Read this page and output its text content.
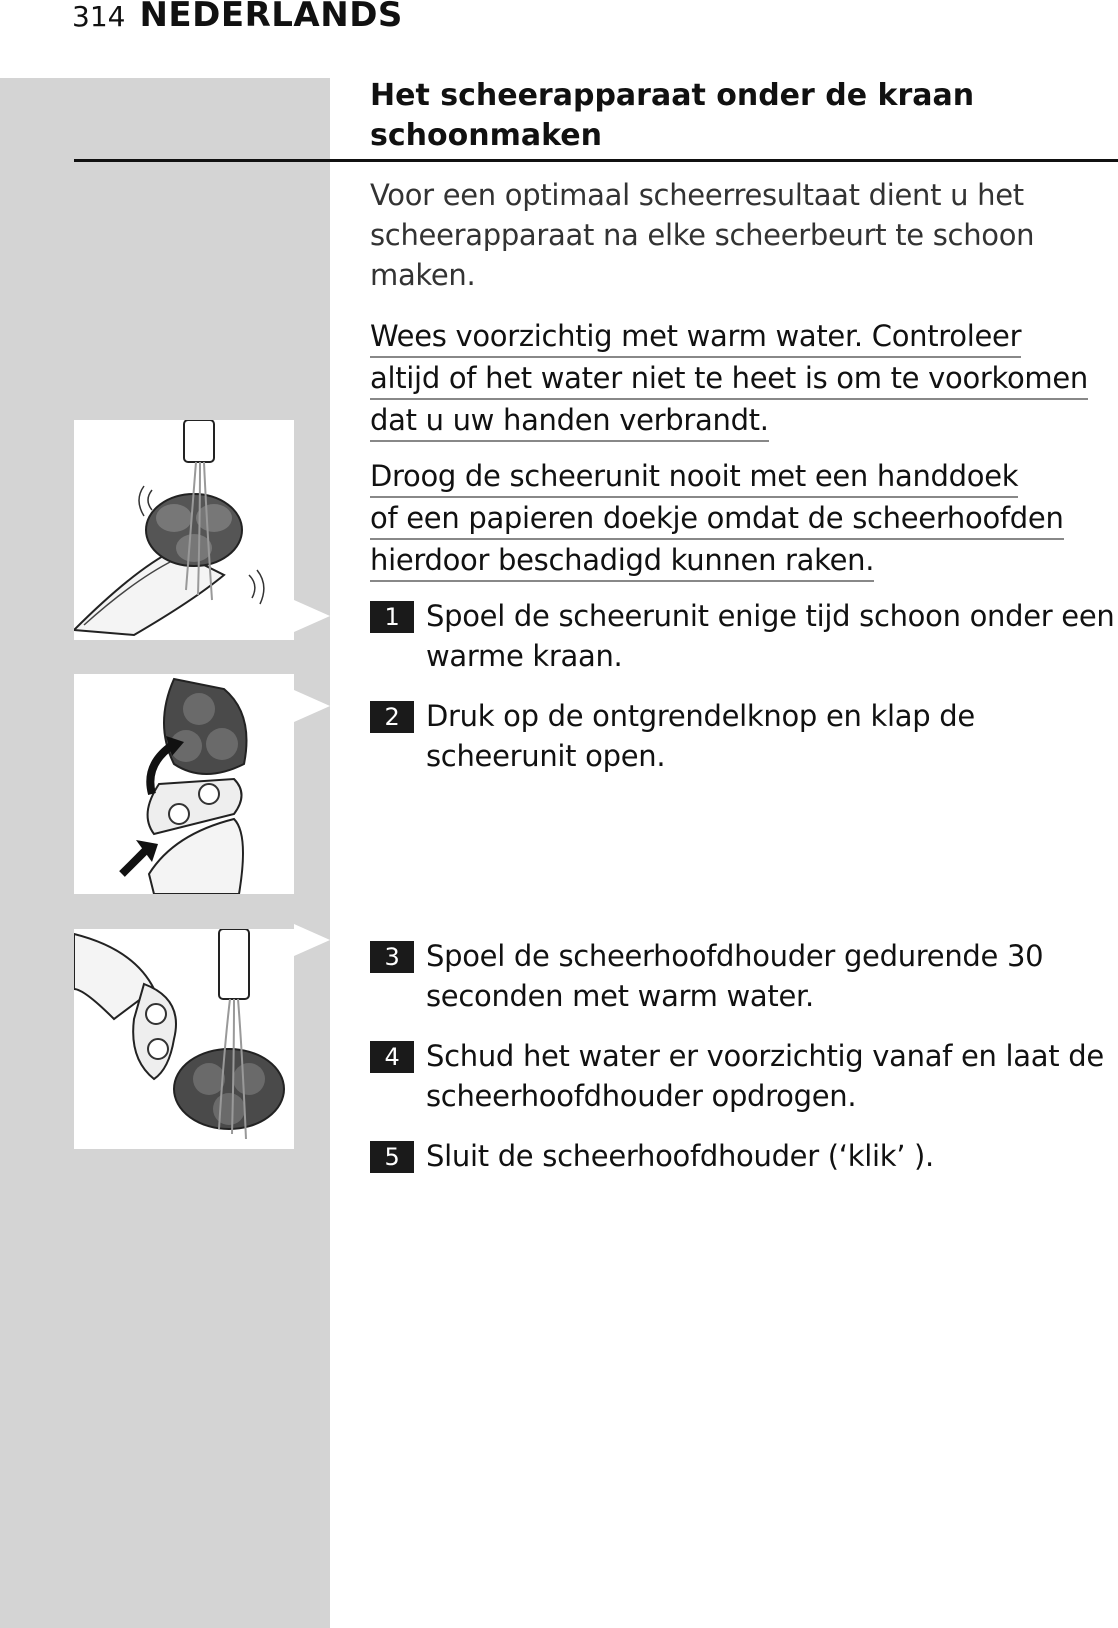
314 NEDERLANDS
Het scheerapparaat onder de kraan schoonmaken
Voor een optimaal scheerresultaat dient u het scheerapparaat na elke scheerbeurt te schoon maken.
Wees voorzichtig met warm water. Controleer
altijd of het water niet te heet is om te voorkomen
dat u uw handen verbrandt.
Droog de scheerunit nooit met een handdoek
of een papieren doekje omdat de scheerhoofden
hierdoor beschadigd kunnen raken.
1 Spoel de scheerunit enige tijd schoon onder een warme kraan.
2 Druk op de ontgrendelknop en klap de scheerunit open.
3 Spoel de scheerhoofdhouder gedurende 30 seconden met warm water.
4 Schud het water er voorzichtig vanaf en laat de scheerhoofdhouder opdrogen.
5 Sluit de scheerhoofdhouder (‘klik’ ).
